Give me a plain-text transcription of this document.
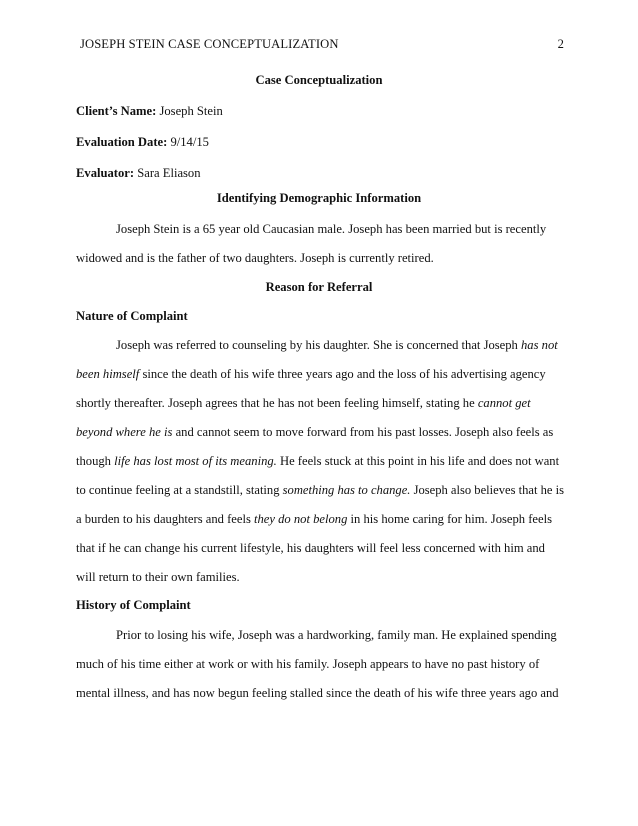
JOSEPH STEIN CASE CONCEPTUALIZATION	2
Case Conceptualization
Client’s Name: Joseph Stein
Evaluation Date: 9/14/15
Evaluator: Sara Eliason
Identifying Demographic Information
Joseph Stein is a 65 year old Caucasian male. Joseph has been married but is recently
widowed and is the father of two daughters. Joseph is currently retired.
Reason for Referral
Nature of Complaint
Joseph was referred to counseling by his daughter. She is concerned that Joseph has not
been himself since the death of his wife three years ago and the loss of his advertising agency
shortly thereafter. Joseph agrees that he has not been feeling himself, stating he cannot get
beyond where he is and cannot seem to move forward from his past losses. Joseph also feels as
though life has lost most of its meaning. He feels stuck at this point in his life and does not want
to continue feeling at a standstill, stating something has to change. Joseph also believes that he is
a burden to his daughters and feels they do not belong in his home caring for him. Joseph feels
that if he can change his current lifestyle, his daughters will feel less concerned with him and
will return to their own families.
History of Complaint
Prior to losing his wife, Joseph was a hardworking, family man. He explained spending
much of his time either at work or with his family. Joseph appears to have no past history of
mental illness, and has now begun feeling stalled since the death of his wife three years ago and
